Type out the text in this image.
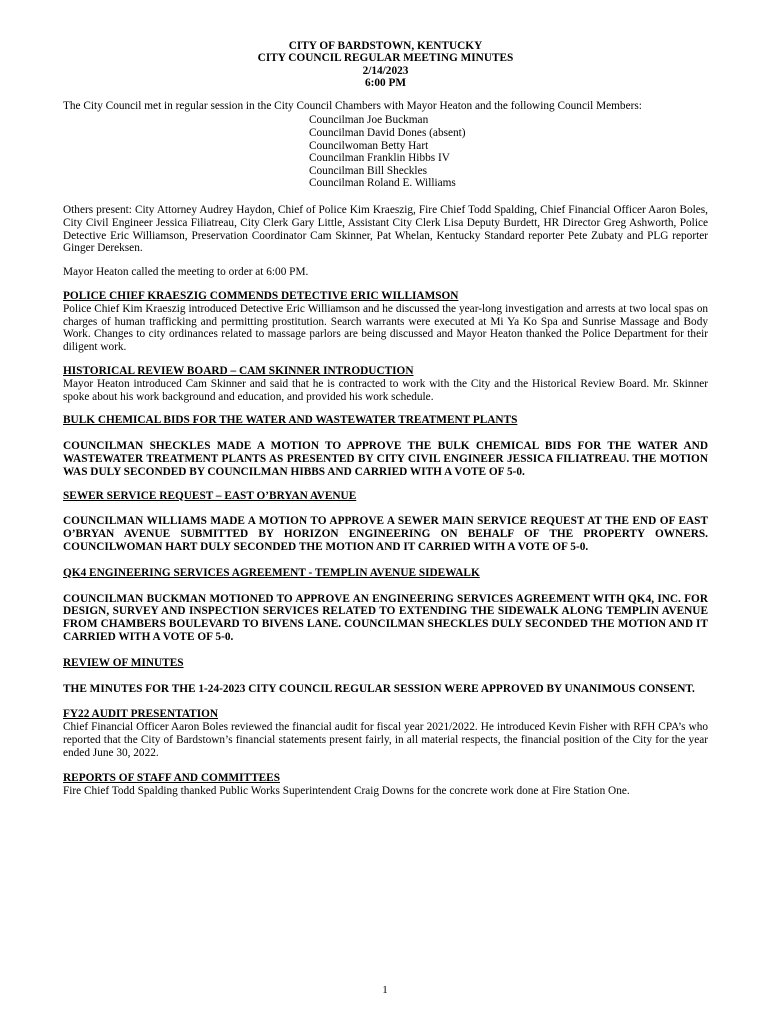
CITY OF BARDSTOWN, KENTUCKY
CITY COUNCIL REGULAR MEETING MINUTES
2/14/2023
6:00 PM

The City Council met in regular session in the City Council Chambers with Mayor Heaton and the following Council Members:

Councilman Joe Buckman
Councilman David Dones (absent)
Councilwoman Betty Hart
Councilman Franklin Hibbs IV
Councilman Bill Sheckles
Councilman Roland E. Williams

Others present: City Attorney Audrey Haydon, Chief of Police Kim Kraeszig, Fire Chief Todd Spalding, Chief Financial Officer Aaron Boles, City Civil Engineer Jessica Filiatreau, City Clerk Gary Little, Assistant City Clerk Lisa Deputy Burdett, HR Director Greg Ashworth, Police Detective Eric Williamson, Preservation Coordinator Cam Skinner, Pat Whelan, Kentucky Standard reporter Pete Zubaty and PLG reporter Ginger Dereksen.

Mayor Heaton called the meeting to order at 6:00 PM.

POLICE CHIEF KRAESZIG COMMENDS DETECTIVE ERIC WILLIAMSON

Police Chief Kim Kraeszig introduced Detective Eric Williamson and he discussed the year-long investigation and arrests at two local spas on charges of human trafficking and permitting prostitution. Search warrants were executed at Mi Ya Ko Spa and Sunrise Massage and Body Work. Changes to city ordinances related to massage parlors are being discussed and Mayor Heaton thanked the Police Department for their diligent work.

HISTORICAL REVIEW BOARD – CAM SKINNER INTRODUCTION

Mayor Heaton introduced Cam Skinner and said that he is contracted to work with the City and the Historical Review Board. Mr. Skinner spoke about his work background and education, and provided his work schedule.

BULK CHEMICAL BIDS FOR THE WATER AND WASTEWATER TREATMENT PLANTS

COUNCILMAN SHECKLES MADE A MOTION TO APPROVE THE BULK CHEMICAL BIDS FOR THE WATER AND WASTEWATER TREATMENT PLANTS AS PRESENTED BY CITY CIVIL ENGINEER JESSICA FILIATREAU. THE MOTION WAS DULY SECONDED BY COUNCILMAN HIBBS AND CARRIED WITH A VOTE OF 5-0.

SEWER SERVICE REQUEST – EAST O’BRYAN AVENUE

COUNCILMAN WILLIAMS MADE A MOTION TO APPROVE A SEWER MAIN SERVICE REQUEST AT THE END OF EAST O’BRYAN AVENUE SUBMITTED BY HORIZON ENGINEERING ON BEHALF OF THE PROPERTY OWNERS. COUNCILWOMAN HART DULY SECONDED THE MOTION AND IT CARRIED WITH A VOTE OF 5-0.

QK4 ENGINEERING SERVICES AGREEMENT - TEMPLIN AVENUE SIDEWALK

COUNCILMAN BUCKMAN MOTIONED TO APPROVE AN ENGINEERING SERVICES AGREEMENT WITH QK4, INC. FOR DESIGN, SURVEY AND INSPECTION SERVICES RELATED TO EXTENDING THE SIDEWALK ALONG TEMPLIN AVENUE FROM CHAMBERS BOULEVARD TO BIVENS LANE. COUNCILMAN SHECKLES DULY SECONDED THE MOTION AND IT CARRIED WITH A VOTE OF 5-0.

REVIEW OF MINUTES

THE MINUTES FOR THE 1-24-2023 CITY COUNCIL REGULAR SESSION WERE APPROVED BY UNANIMOUS CONSENT.

FY22 AUDIT PRESENTATION

Chief Financial Officer Aaron Boles reviewed the financial audit for fiscal year 2021/2022. He introduced Kevin Fisher with RFH CPA’s who reported that the City of Bardstown’s financial statements present fairly, in all material respects, the financial position of the City for the year ended June 30, 2022.

REPORTS OF STAFF AND COMMITTEES

Fire Chief Todd Spalding thanked Public Works Superintendent Craig Downs for the concrete work done at Fire Station One.

1
